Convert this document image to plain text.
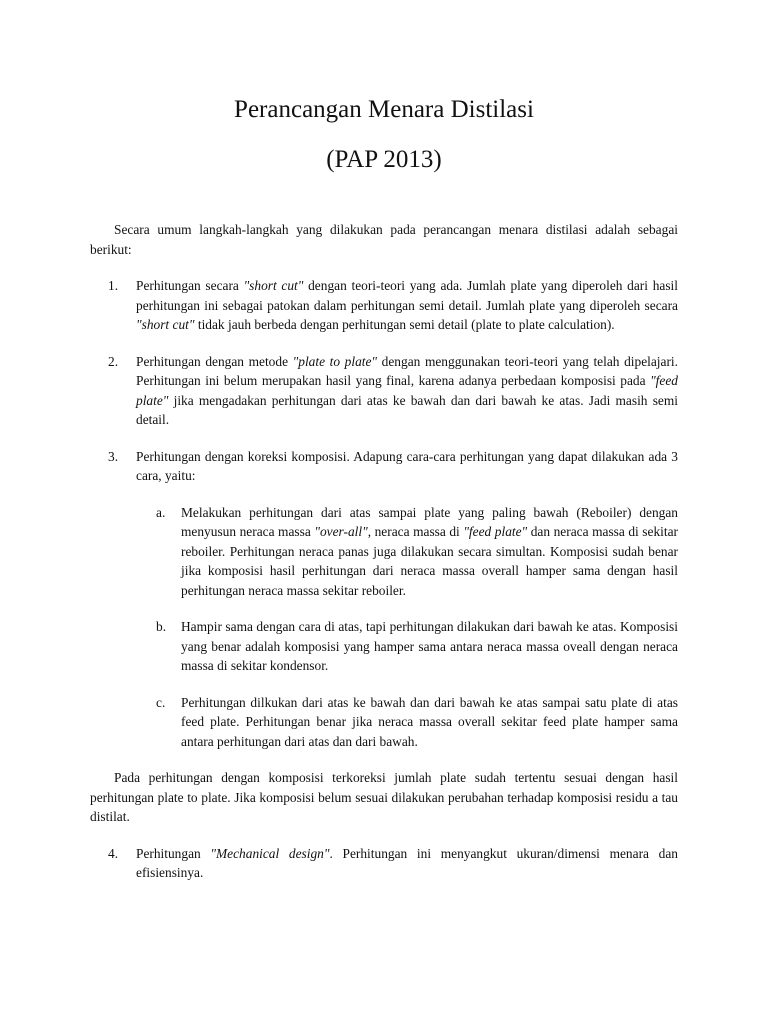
Perancangan Menara Distilasi
(PAP 2013)

Secara umum langkah-langkah yang dilakukan pada perancangan menara distilasi adalah sebagai berikut:

1. Perhitungan secara "short cut" dengan teori-teori yang ada. Jumlah plate yang diperoleh dari hasil perhitungan ini sebagai patokan dalam perhitungan semi detail. Jumlah plate yang diperoleh secara "short cut" tidak jauh berbeda dengan perhitungan semi detail (plate to plate calculation).
2. Perhitungan dengan metode "plate to plate" dengan menggunakan teori-teori yang telah dipelajari. Perhitungan ini belum merupakan hasil yang final, karena adanya perbedaan komposisi pada "feed plate" jika mengadakan perhitungan dari atas ke bawah dan dari bawah ke atas. Jadi masih semi detail.
3. Perhitungan dengan koreksi komposisi. Adapung cara-cara perhitungan yang dapat dilakukan ada 3 cara, yaitu:
a. Melakukan perhitungan dari atas sampai plate yang paling bawah (Reboiler) dengan menyusun neraca massa "over-all", neraca massa di "feed plate" dan neraca massa di sekitar reboiler. Perhitungan neraca panas juga dilakukan secara simultan. Komposisi sudah benar jika komposisi hasil perhitungan dari neraca massa overall hamper sama dengan hasil perhitungan neraca massa sekitar reboiler.
b. Hampir sama dengan cara di atas, tapi perhitungan dilakukan dari bawah ke atas. Komposisi yang benar adalah komposisi yang hamper sama antara neraca massa oveall dengan neraca massa di sekitar kondensor.
c. Perhitungan dilkukan dari atas ke bawah dan dari bawah ke atas sampai satu plate di atas feed plate. Perhitungan benar jika neraca massa overall sekitar feed plate hamper sama antara perhitungan dari atas dan dari bawah.

Pada perhitungan dengan komposisi terkoreksi jumlah plate sudah tertentu sesuai dengan hasil perhitungan plate to plate. Jika komposisi belum sesuai dilakukan perubahan terhadap komposisi residu a tau distilat.

4. Perhitungan "Mechanical design". Perhitungan ini menyangkut ukuran/dimensi menara dan efisiensinya.
